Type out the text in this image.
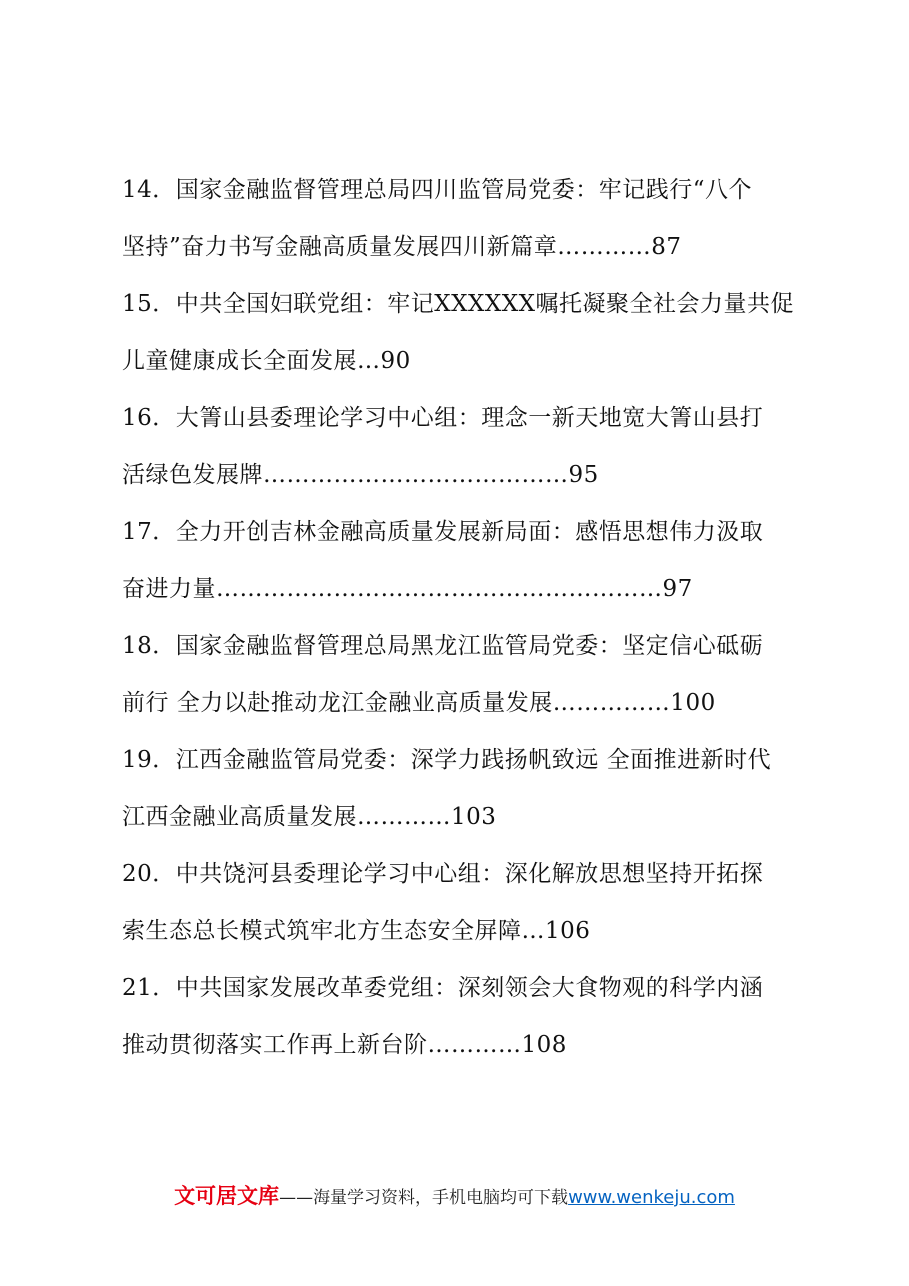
14．国家金融监督管理总局四川监管局党委：牢记践行“八个
坚持”奋力书写金融高质量发展四川新篇章…………87
15．中共全国妇联党组：牢记XXXXXX嘱托凝聚全社会力量共促
儿童健康成长全面发展…90
16．大箐山县委理论学习中心组：理念一新天地宽大箐山县打
活绿色发展牌…………………………………95
17．全力开创吉林金融高质量发展新局面：感悟思想伟力汲取
奋进力量…………………………………………………97
18．国家金融监督管理总局黑龙江监管局党委：坚定信心砥砺
前行 全力以赴推动龙江金融业高质量发展……………100
19．江西金融监管局党委：深学力践扬帆致远 全面推进新时代
江西金融业高质量发展…………103
20．中共饶河县委理论学习中心组：深化解放思想坚持开拓探
索生态总长模式筑牢北方生态安全屏障…106
21．中共国家发展改革委党组：深刻领会大食物观的科学内涵
推动贯彻落实工作再上新台阶…………108
文可居文库——海量学习资料，手机电脑均可下载www.wenkeju.com
